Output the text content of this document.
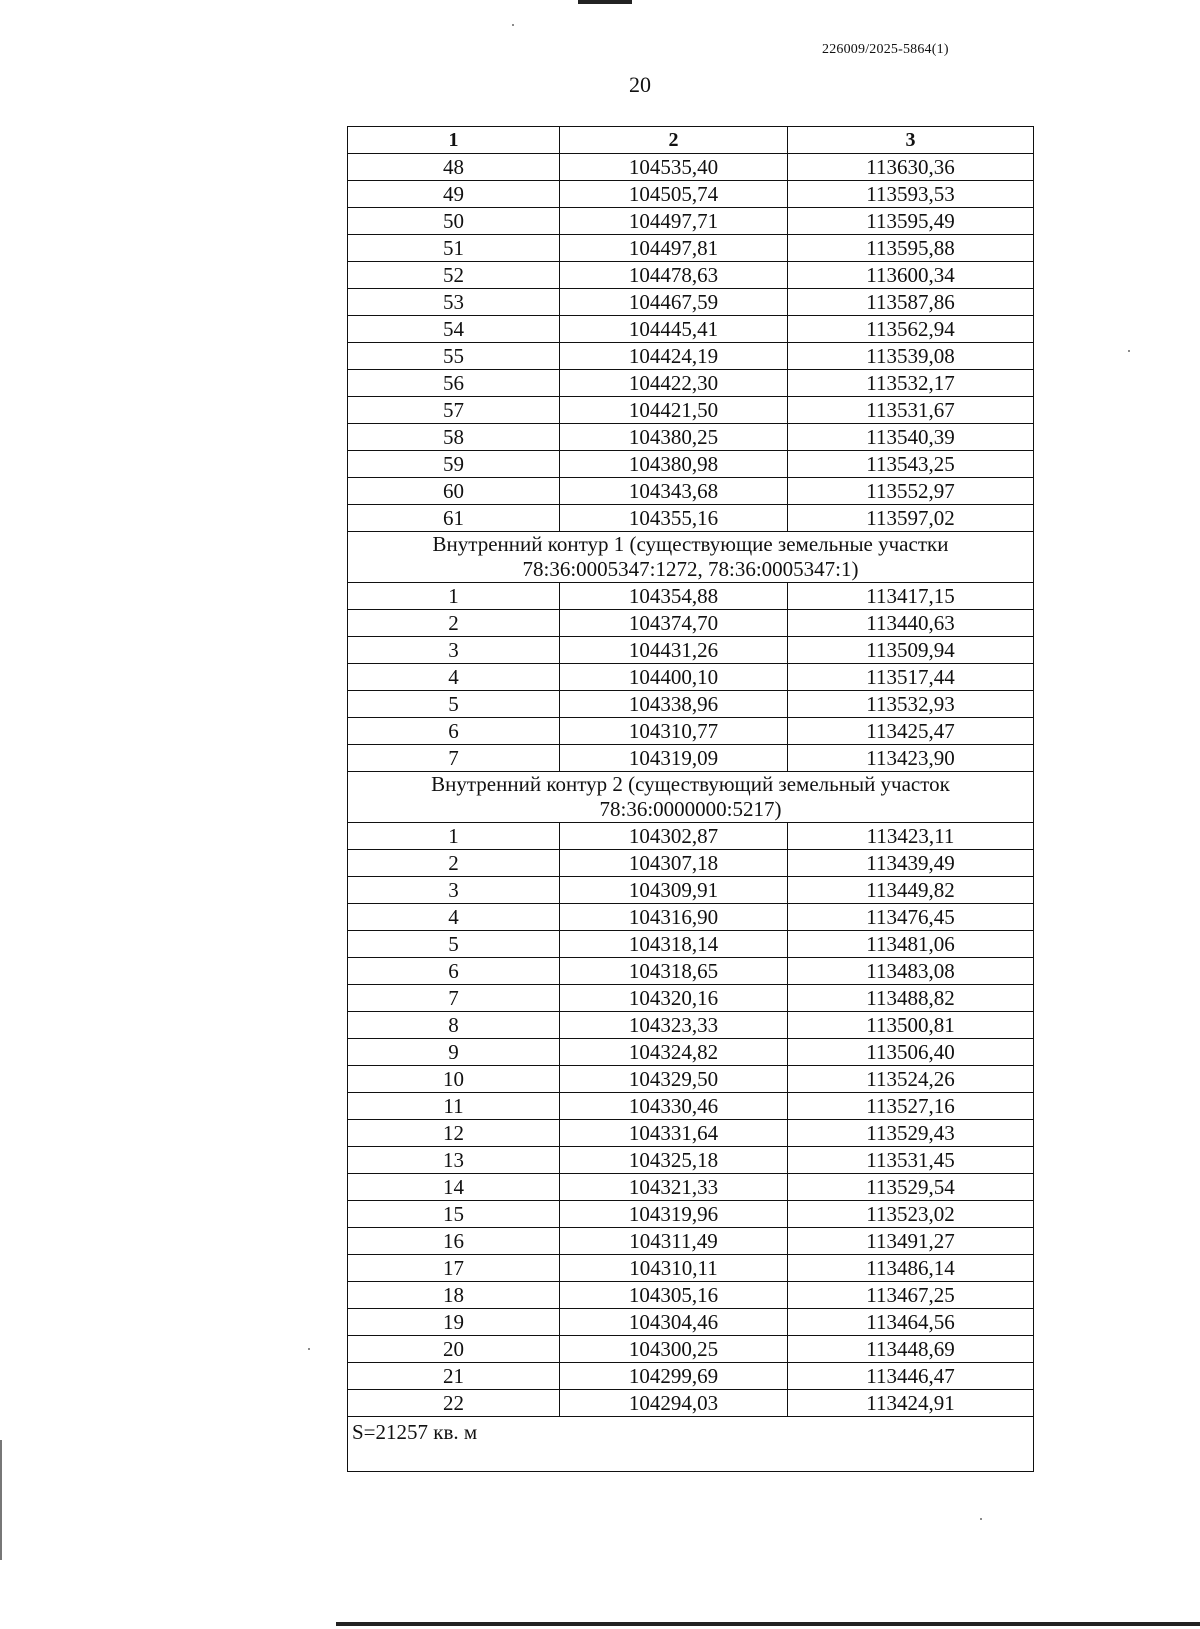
226009/2025-5864(1)
20
1	2	3
48	104535,40	113630,36
49	104505,74	113593,53
50	104497,71	113595,49
51	104497,81	113595,88
52	104478,63	113600,34
53	104467,59	113587,86
54	104445,41	113562,94
55	104424,19	113539,08
56	104422,30	113532,17
57	104421,50	113531,67
58	104380,25	113540,39
59	104380,98	113543,25
60	104343,68	113552,97
61	104355,16	113597,02

Внутренний контур 1 (существующие земельные участки
78:36:0005347:1272, 78:36:0005347:1)		

1	104354,88	113417,15
2	104374,70	113440,63
3	104431,26	113509,94
4	104400,10	113517,44
5	104338,96	113532,93
6	104310,77	113425,47
7	104319,09	113423,90

Внутренний контур 2 (существующий земельный участок
78:36:0000000:5217)		

1	104302,87	113423,11
2	104307,18	113439,49
3	104309,91	113449,82
4	104316,90	113476,45
5	104318,14	113481,06
6	104318,65	113483,08
7	104320,16	113488,82
8	104323,33	113500,81
9	104324,82	113506,40
10	104329,50	113524,26
11	104330,46	113527,16
12	104331,64	113529,43
13	104325,18	113531,45
14	104321,33	113529,54
15	104319,96	113523,02
16	104311,49	113491,27
17	104310,11	113486,14
18	104305,16	113467,25
19	104304,46	113464,56
20	104300,25	113448,69
21	104299,69	113446,47
22	104294,03	113424,91
S=21257 кв. м		
